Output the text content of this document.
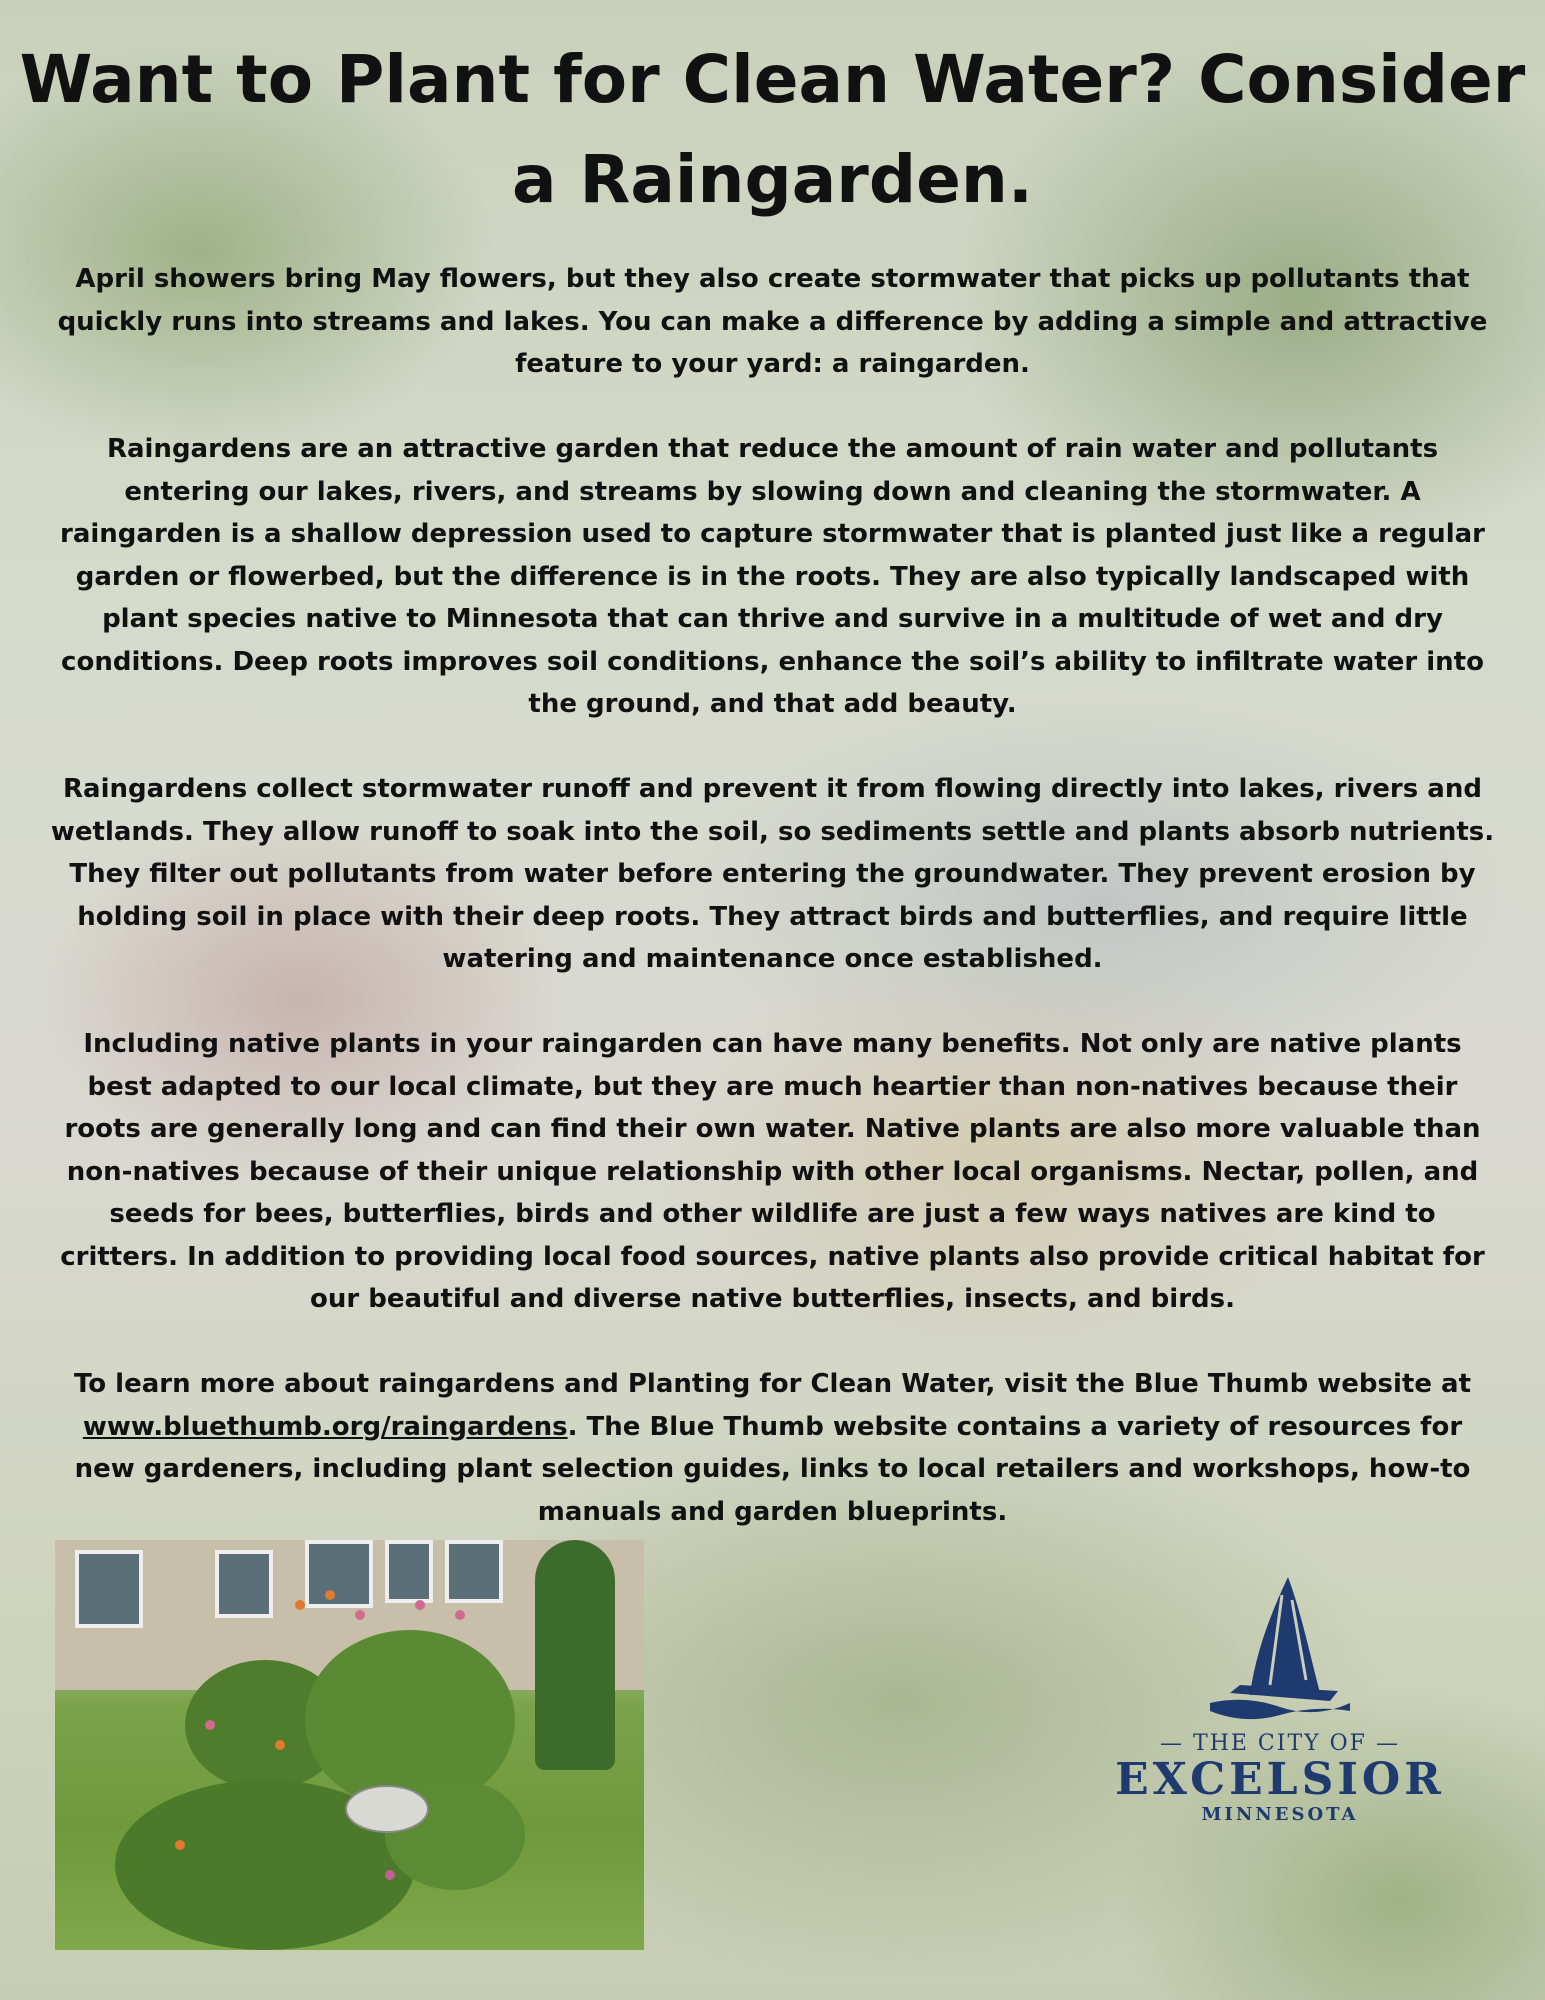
Want to Plant for Clean Water? Consider a Raingarden.

April showers bring May flowers, but they also create stormwater that picks up pollutants that quickly runs into streams and lakes. You can make a difference by adding a simple and attractive feature to your yard: a raingarden.

Raingardens are an attractive garden that reduce the amount of rain water and pollutants entering our lakes, rivers, and streams by slowing down and cleaning the stormwater. A raingarden is a shallow depression used to capture stormwater that is planted just like a regular garden or flowerbed, but the difference is in the roots. They are also typically landscaped with plant species native to Minnesota that can thrive and survive in a multitude of wet and dry conditions. Deep roots improves soil conditions, enhance the soil’s ability to infiltrate water into the ground, and that add beauty.

Raingardens collect stormwater runoff and prevent it from flowing directly into lakes, rivers and wetlands. They allow runoff to soak into the soil, so sediments settle and plants absorb nutrients. They filter out pollutants from water before entering the groundwater. They prevent erosion by holding soil in place with their deep roots. They attract birds and butterflies, and require little watering and maintenance once established.

Including native plants in your raingarden can have many benefits. Not only are native plants best adapted to our local climate, but they are much heartier than non-natives because their roots are generally long and can find their own water. Native plants are also more valuable than non-natives because of their unique relationship with other local organisms. Nectar, pollen, and seeds for bees, butterflies, birds and other wildlife are just a few ways natives are kind to critters. In addition to providing local food sources, native plants also provide critical habitat for our beautiful and diverse native butterflies, insects, and birds.

To learn more about raingardens and Planting for Clean Water, visit the Blue Thumb website at www.bluethumb.org/raingardens. The Blue Thumb website contains a variety of resources for new gardeners, including plant selection guides, links to local retailers and workshops, how-to manuals and garden blueprints.

— THE CITY OF —
EXCELSIOR
MINNESOTA
